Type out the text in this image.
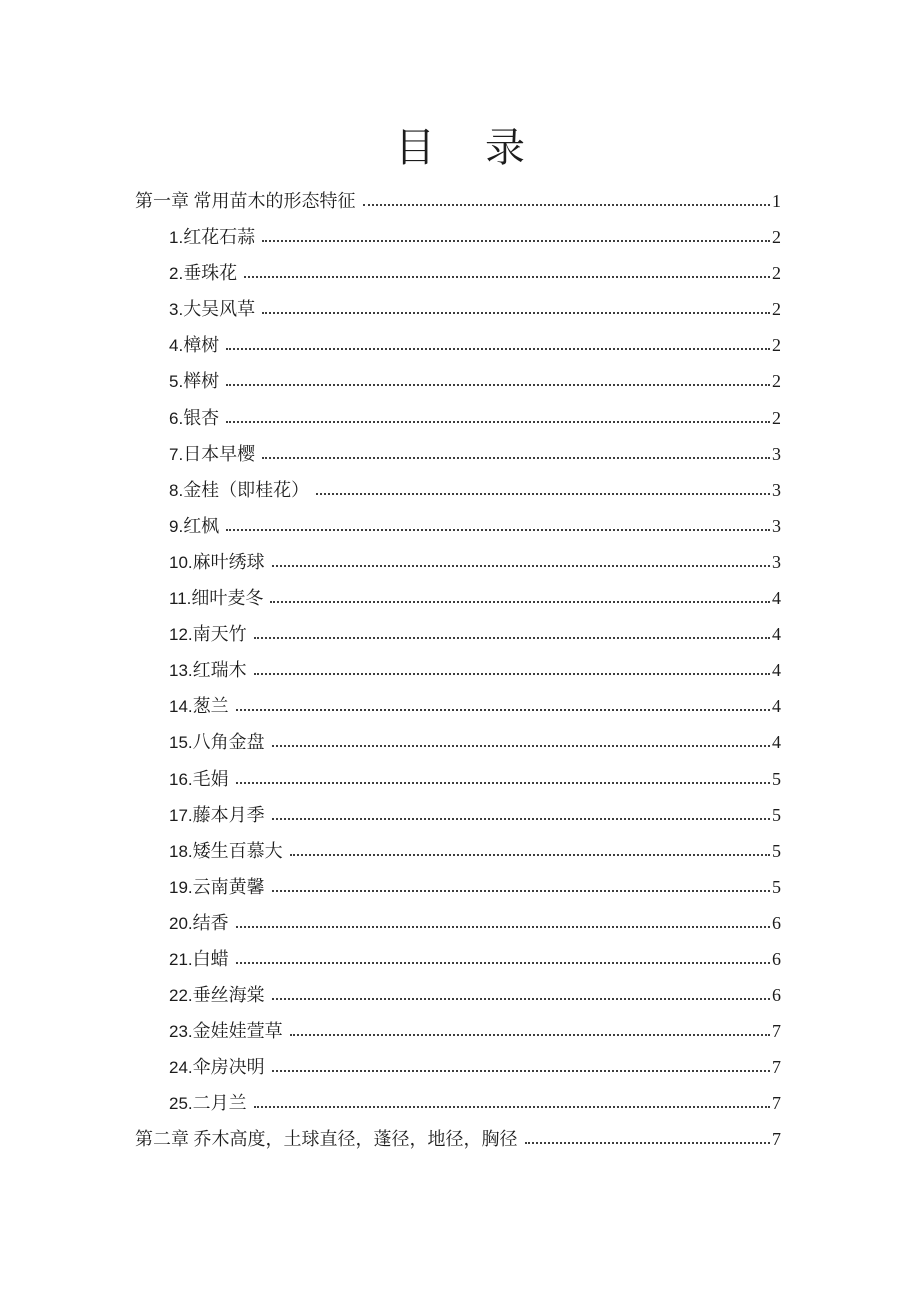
目 录
第一章 常用苗木的形态特征	1
1. 红花石蒜	2
2. 垂珠花	2
3. 大吴风草	2
4. 樟树	2
5. 榉树	2
6. 银杏	2
7. 日本早樱	3
8. 金桂（即桂花）	3
9. 红枫	3
10. 麻叶绣球	3
11. 细叶麦冬	4
12. 南天竹	4
13. 红瑞木	4
14. 葱兰	4
15. 八角金盘	4
16. 毛娟	5
17. 藤本月季	5
18. 矮生百慕大	5
19. 云南黄馨	5
20. 结香	6
21. 白蜡	6
22. 垂丝海棠	6
23. 金娃娃萱草	7
24. 伞房决明	7
25. 二月兰	7
第二章 乔木高度，土球直径，蓬径，地径，胸径	7
